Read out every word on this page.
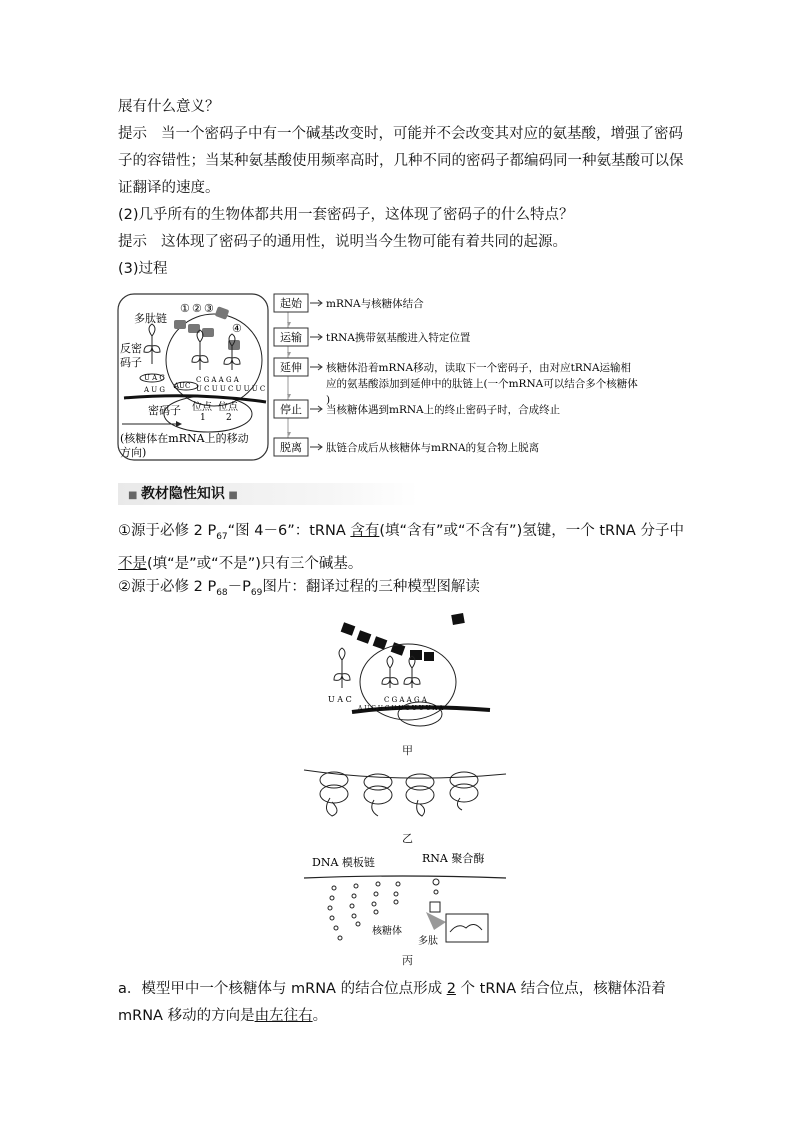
展有什么意义？

提示 当一个密码子中有一个碱基改变时，可能并不会改变其对应的氨基酸，增强了密码子的容错性；当某种氨基酸使用频率高时，几种不同的密码子都编码同一种氨基酸可以保证翻译的速度。

(2)几乎所有的生物体都共用一套密码子，这体现了密码子的什么特点？

提示 这体现了密码子的通用性，说明当今生物可能有着共同的起源。

(3)过程

多肽链
反密
码子
U A C
A U G AUC
C G A A G A
U C U U C U U U C
① ② ③
④
密码子 位点
1
位点
2
(核糖体在mRNA上的移动
方向)
起始 mRNA与核糖体结合
运输 tRNA携带氨基酸进入特定位置
延伸 核糖体沿着mRNA移动，读取下一个密码子，由对应tRNA运输相
应的氨基酸添加到延伸中的肽链上(一个mRNA可以结合多个核糖体
)
停止 当核糖体遇到mRNA上的终止密码子时，合成终止
脱离 肽链合成后从核糖体与mRNA的复合物上脱离
■ 教材隐性知识 ■

①源于必修 2 $P_{67}“$图 4－6”：tRNA 含有(填“含有”或“不含有”)氢键，一个 tRNA 分子中不是(填“是”或“不是”)只有三个碱基。

②源于必修 2 $P_{68}-P_{69}$图片：翻译过程的三种模型图解读

U A C	C G A A G A
A U G U C U U C U U U A A
甲
乙
DNA 模板链	RNA 聚合酶
核糖体
多肽
丙

a．模型甲中一个核糖体与 mRNA 的结合位点形成 2 个 tRNA 结合位点，核糖体沿着 mRNA 移动的方向是由左往右。
